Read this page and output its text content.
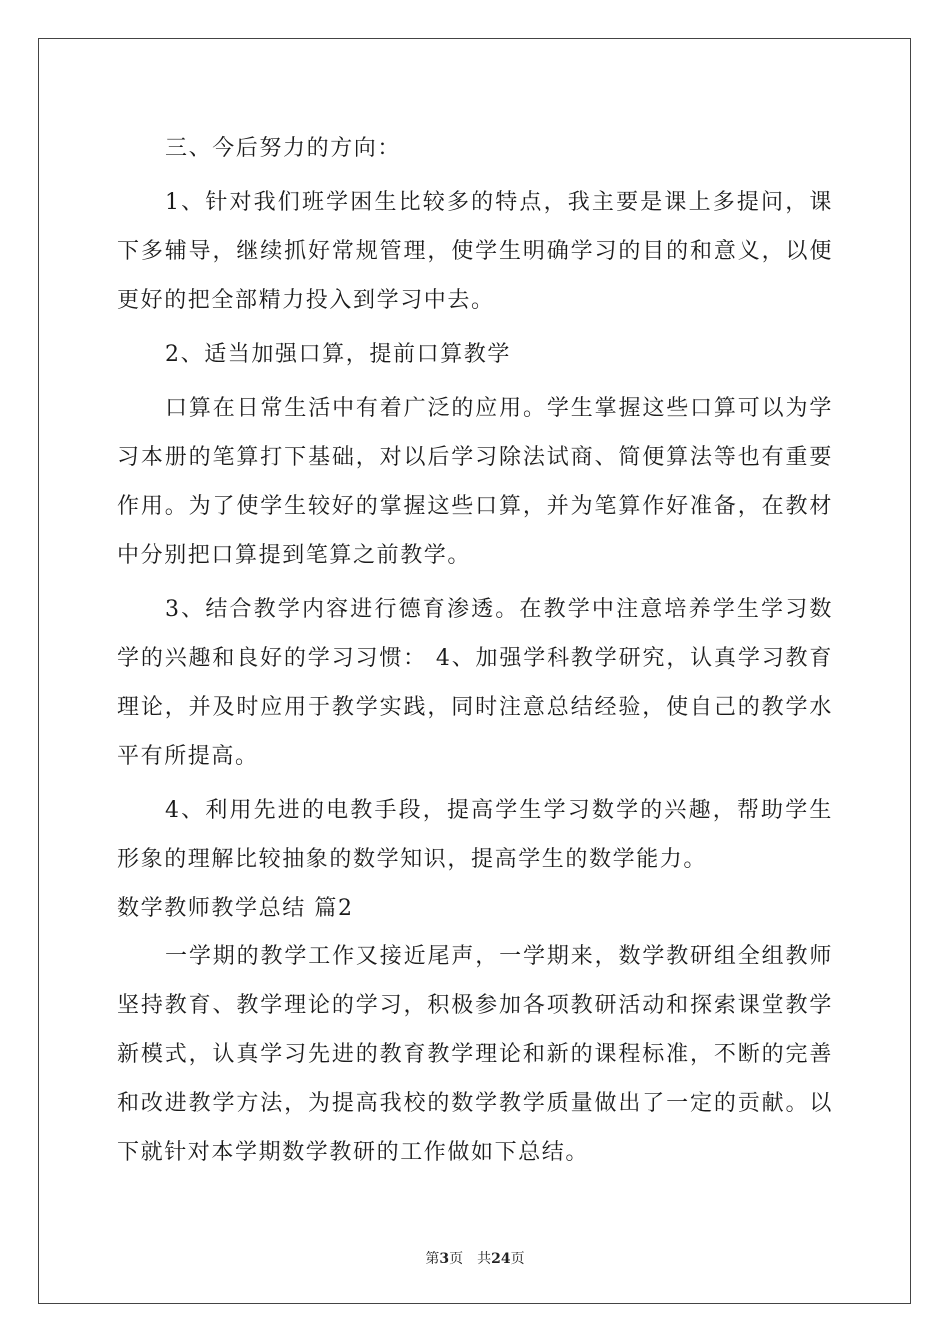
三、今后努力的方向：

1、针对我们班学困生比较多的特点，我主要是课上多提问，课下多辅导，继续抓好常规管理，使学生明确学习的目的和意义，以便更好的把全部精力投入到学习中去。

2、适当加强口算，提前口算教学

口算在日常生活中有着广泛的应用。学生掌握这些口算可以为学习本册的笔算打下基础，对以后学习除法试商、简便算法等也有重要作用。为了使学生较好的掌握这些口算，并为笔算作好准备，在教材中分别把口算提到笔算之前教学。

3、结合教学内容进行德育渗透。在教学中注意培养学生学习数学的兴趣和良好的学习习惯： 4、加强学科教学研究，认真学习教育理论，并及时应用于教学实践，同时注意总结经验，使自己的教学水平有所提高。

4、利用先进的电教手段，提高学生学习数学的兴趣，帮助学生形象的理解比较抽象的数学知识，提高学生的数学能力。

数学教师教学总结 篇2

一学期的教学工作又接近尾声，一学期来，数学教研组全组教师坚持教育、教学理论的学习，积极参加各项教研活动和探索课堂教学新模式，认真学习先进的教育教学理论和新的课程标准，不断的完善和改进教学方法，为提高我校的数学教学质量做出了一定的贡献。以下就针对本学期数学教研的工作做如下总结。

第3页 共24页
